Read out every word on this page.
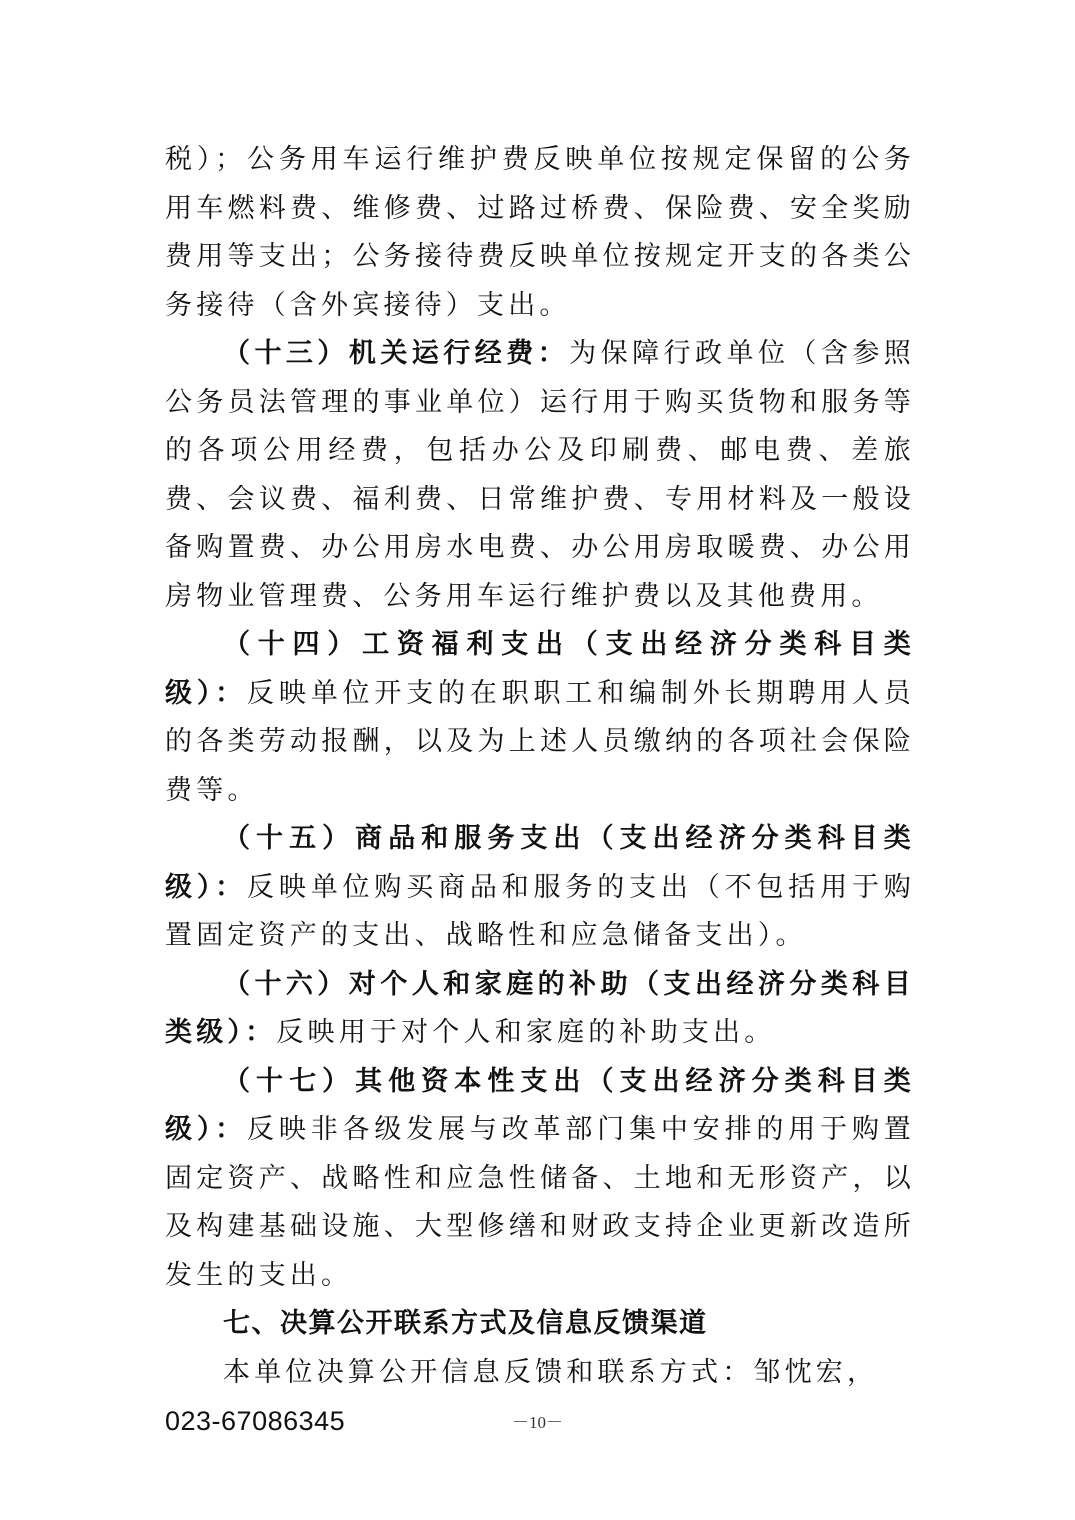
税）；公务用车运行维护费反映单位按规定保留的公务用车燃料费、维修费、过路过桥费、保险费、安全奖励费用等支出；公务接待费反映单位按规定开支的各类公务接待（含外宾接待）支出。

（十三）机关运行经费：为保障行政单位（含参照公务员法管理的事业单位）运行用于购买货物和服务等的各项公用经费，包括办公及印刷费、邮电费、差旅费、会议费、福利费、日常维护费、专用材料及一般设备购置费、办公用房水电费、办公用房取暖费、办公用房物业管理费、公务用车运行维护费以及其他费用。

（十四）工资福利支出（支出经济分类科目类级）：反映单位开支的在职职工和编制外长期聘用人员的各类劳动报酬，以及为上述人员缴纳的各项社会保险费等。

（十五）商品和服务支出（支出经济分类科目类级）：反映单位购买商品和服务的支出（不包括用于购置固定资产的支出、战略性和应急储备支出）。

（十六）对个人和家庭的补助（支出经济分类科目类级）：反映用于对个人和家庭的补助支出。

（十七）其他资本性支出（支出经济分类科目类级）：反映非各级发展与改革部门集中安排的用于购置固定资产、战略性和应急性储备、土地和无形资产，以及构建基础设施、大型修缮和财政支持企业更新改造所发生的支出。

七、决算公开联系方式及信息反馈渠道

本单位决算公开信息反馈和联系方式：邹忱宏，

023-67086345	－10－
